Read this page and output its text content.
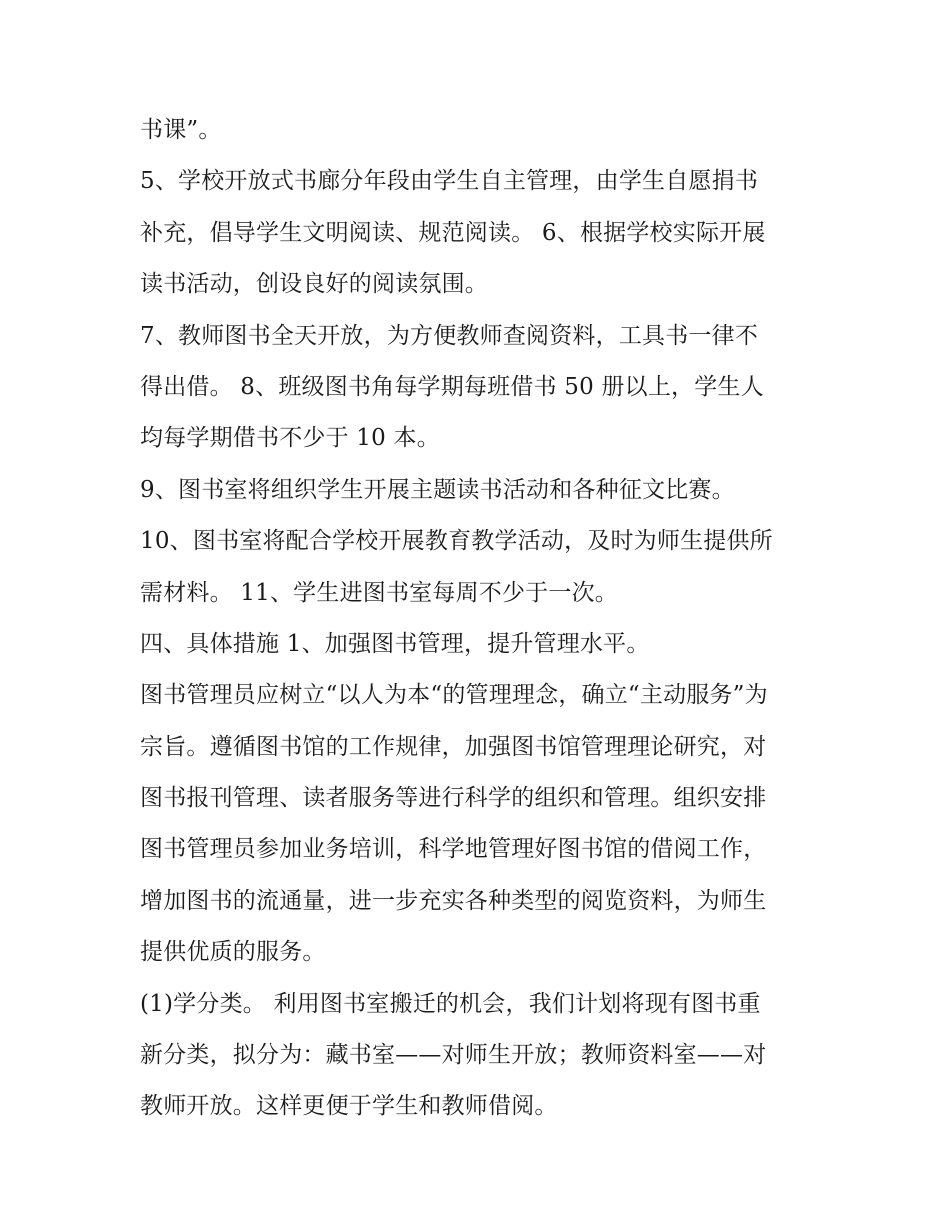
书课”。
5、学校开放式书廊分年段由学生自主管理，由学生自愿捐书
补充，倡导学生文明阅读、规范阅读。 6、根据学校实际开展
读书活动，创设良好的阅读氛围。
7、教师图书全天开放，为方便教师查阅资料，工具书一律不
得出借。 8、班级图书角每学期每班借书 50 册以上，学生人
均每学期借书不少于 10 本。
9、图书室将组织学生开展主题读书活动和各种征文比赛。
10、图书室将配合学校开展教育教学活动，及时为师生提供所
需材料。 11、学生进图书室每周不少于一次。
四、具体措施 1、加强图书管理，提升管理水平。
图书管理员应树立“以人为本“的管理理念，确立“主动服务”为
宗旨。遵循图书馆的工作规律，加强图书馆管理理论研究，对
图书报刊管理、读者服务等进行科学的组织和管理。组织安排
图书管理员参加业务培训，科学地管理好图书馆的借阅工作，
增加图书的流通量，进一步充实各种类型的阅览资料，为师生
提供优质的服务。
(1)学分类。 利用图书室搬迁的机会，我们计划将现有图书重
新分类，拟分为：藏书室——对师生开放；教师资料室——对
教师开放。这样更便于学生和教师借阅。
